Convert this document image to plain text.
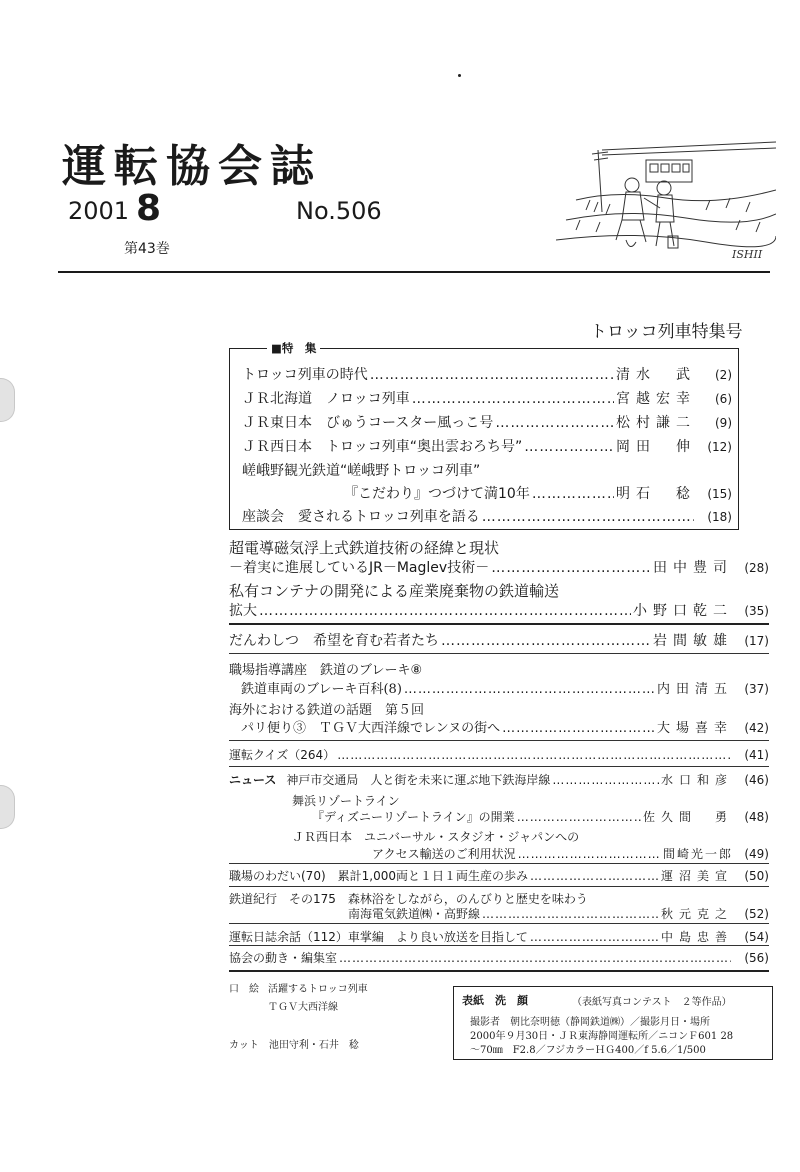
運転協会誌
2001 8
第43巻
No.506
ISHII
トロッコ列車特集号
■特　集
トロッコ列車の時代 ……………………………………………………………………………………………………………………………………………………………………	清水　武	(2)
ＪＲ北海道　ノロッコ列車 ……………………………………………………………………………………………………………………………………………………………………	宮越宏幸	(6)
ＪＲ東日本　びゅうコースター風っこ号 ……………………………………………………………………………………………………………………………………………………………………	松村謙二	(9)
ＪＲ西日本　トロッコ列車“奥出雲おろち号” ……………………………………………………………………………………………………………………………………………………………………	岡田　伸 (12)
嵯峨野観光鉄道“嵯峨野トロッコ列車”
『こだわり』つづけて満10年 ……………………………………………………………………………………………………………………………………………………………………	明石　稔 (15)
座談会　愛されるトロッコ列車を語る ……………………………………………………………………………………………………………………………………………………………………	(18)
超電導磁気浮上式鉄道技術の経緯と現状
－着実に進展しているJR－Maglev技術－ ……………………………………………………………………………………………………………………………………………………………………	田中豊司 (28)
私有コンテナの開発による産業廃棄物の鉄道輸送
拡大 ……………………………………………………………………………………………………………………………………………………………………	小野口乾二 (35)
だんわしつ　希望を育む若者たち ……………………………………………………………………………………………………………………………………………………………………	岩間敏雄 (17)
職場指導講座　鉄道のブレーキ⑧
鉄道車両のブレーキ百科(8) ……………………………………………………………………………………………………………………………………………………………………	内田清五 (37)
海外における鉄道の話題　第５回
パリ便り③　ＴＧＶ大西洋線でレンヌの街へ ……………………………………………………………………………………………………………………………………………………………………	大場喜幸 (42)
運転クイズ（264） ……………………………………………………………………………………………………………………………………………………………………	(41)
ニュース 神戸市交通局　人と街を未来に運ぶ地下鉄海岸線 ……………………………………………………………………………………………………………………………………………………………………	水口和彦 (46)
舞浜リゾートライン
『ディズニーリゾートライン』の開業 ……………………………………………………………………………………………………………………………………………………………………	佐久間　勇 (48)
ＪＲ西日本　ユニバーサル・スタジオ・ジャパンへの
アクセス輸送のご利用状況 ……………………………………………………………………………………………………………………………………………………………………	間崎光一郎 (49)
職場のわだい(70)　累計1,000両と１日１両生産の歩み ……………………………………………………………………………………………………………………………………………………………………	運沼美宣 (50)
鉄道紀行　その175　森林浴をしながら，のんびりと歴史を味わう
南海電気鉄道㈱・高野線 ……………………………………………………………………………………………………………………………………………………………………	秋元克之 (52)
運転日誌余話（112）車掌編　より良い放送を目指して ……………………………………………………………………………………………………………………………………………………………………	中島忠善 (54)
協会の動き・編集室 ……………………………………………………………………………………………………………………………………………………………………	(56)
口　絵 活躍するトロッコ列車
ＴＧＶ大西洋線
カット　池田守利・石井　稔
表紙　洗　顔	（表紙写真コンテスト　２等作品）
撮影者　朝比奈明徳（静岡鉄道㈱）／撮影月日・場所
2000年９月30日・ＪＲ東海静岡運転所／ニコンＦ601 28
～70㎜　F2.8／フジカラーＨＧ400／f 5.6／1/500
